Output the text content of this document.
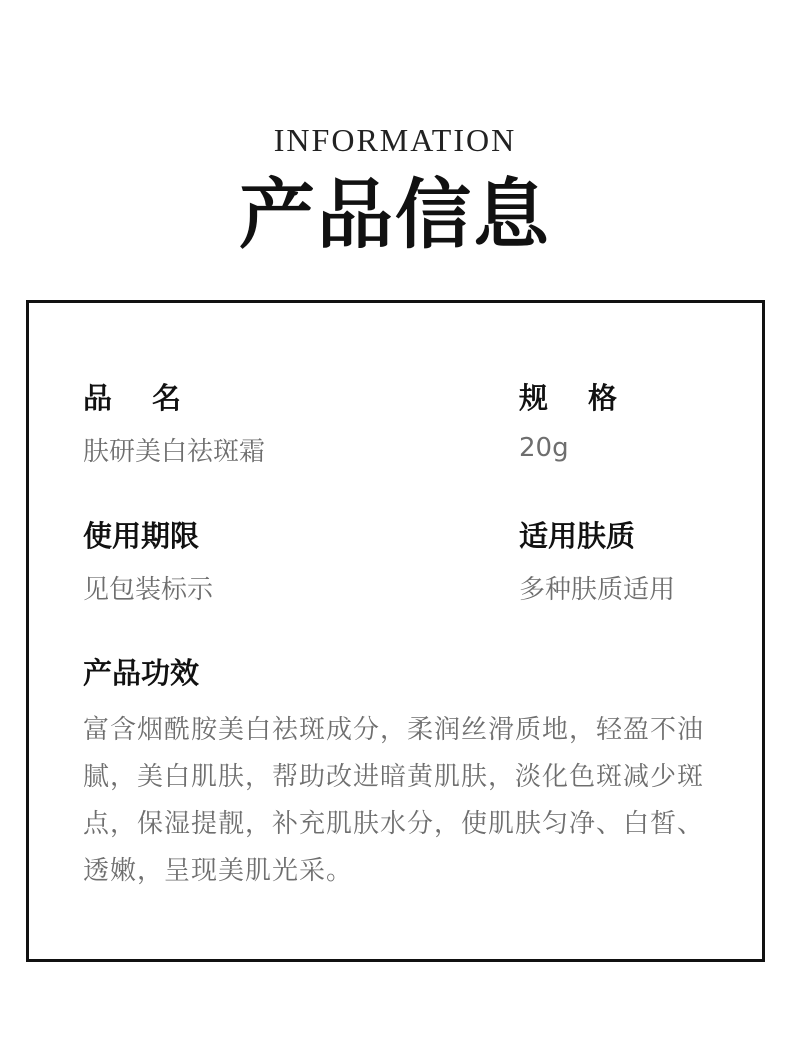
INFORMATION
产品信息
品名
肤研美白祛斑霜
规格
20g
使用期限
见包装标示
适用肤质
多种肤质适用
产品功效
富含烟酰胺美白祛斑成分，柔润丝滑质地，轻盈不油腻，美白肌肤，帮助改进暗黄肌肤，淡化色斑减少斑点，保湿提靓，补充肌肤水分，使肌肤匀净、白皙、透嫩，呈现美肌光采。
